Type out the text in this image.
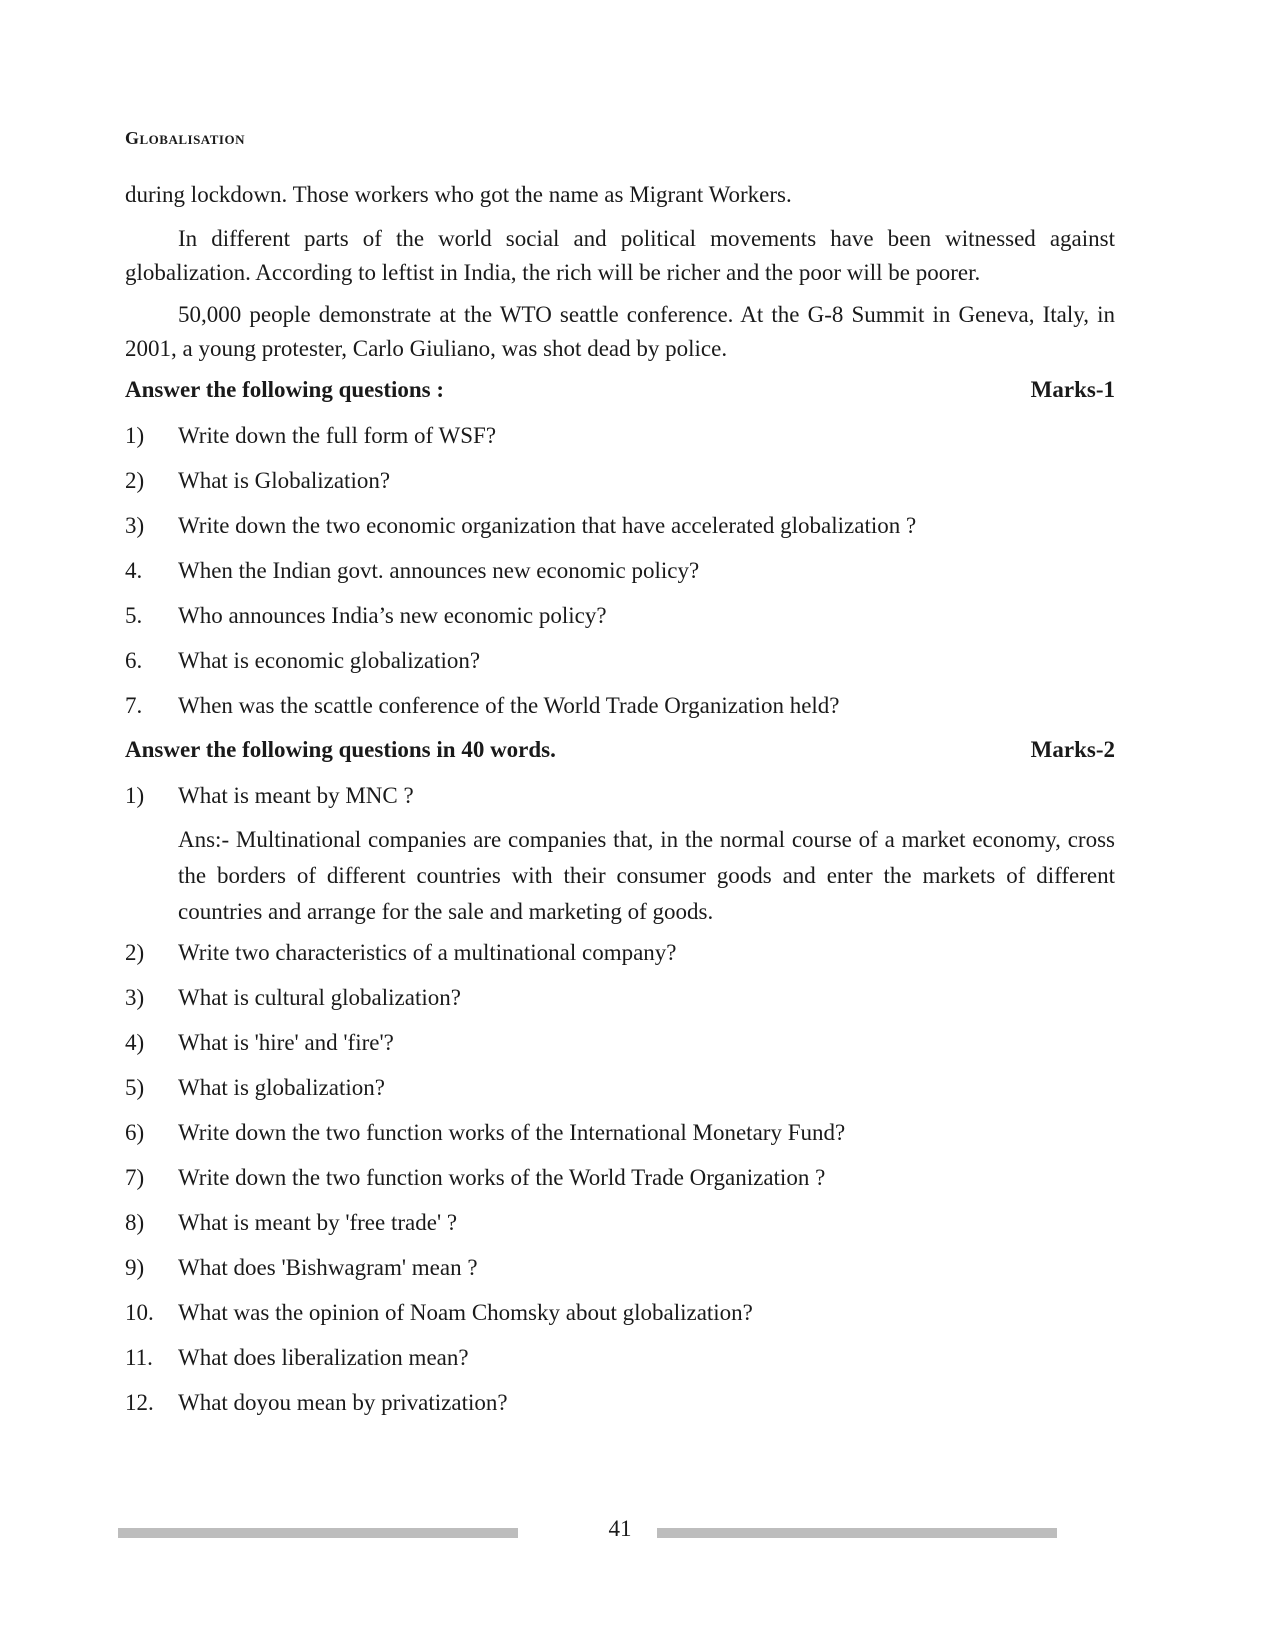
Globalisation
during lockdown. Those workers who got the name as Migrant Workers.
In different parts of the world social and political movements have been witnessed against globalization. According to leftist in India, the rich will be richer and the poor will be poorer.
50,000 people demonstrate at the WTO seattle conference. At the G-8 Summit in Geneva, Italy, in 2001, a young protester, Carlo Giuliano, was shot dead by police.
Answer the following questions :	Marks-1
1) Write down the full form of WSF?
2) What is Globalization?
3) Write down the two economic organization that have accelerated globalization ?
4. When the Indian govt. announces new economic policy?
5. Who announces India’s new economic policy?
6. What is economic globalization?
7. When was the scattle conference of the World Trade Organization held?
Answer the following questions in 40 words.	Marks-2
1) What is meant by MNC ?
Ans:- Multinational companies are companies that, in the normal course of a market economy, cross the borders of different countries with their consumer goods and enter the markets of different countries and arrange for the sale and marketing of goods.
2) Write two characteristics of a multinational company?
3) What is cultural globalization?
4) What is 'hire' and 'fire'?
5) What is globalization?
6) Write down the two function works of the International Monetary Fund?
7) Write down the two function works of the World Trade Organization ?
8) What is meant by 'free trade' ?
9) What does 'Bishwagram' mean ?
10. What was the opinion of Noam Chomsky about globalization?
11. What does liberalization mean?
12. What doyou mean by privatization?
41
